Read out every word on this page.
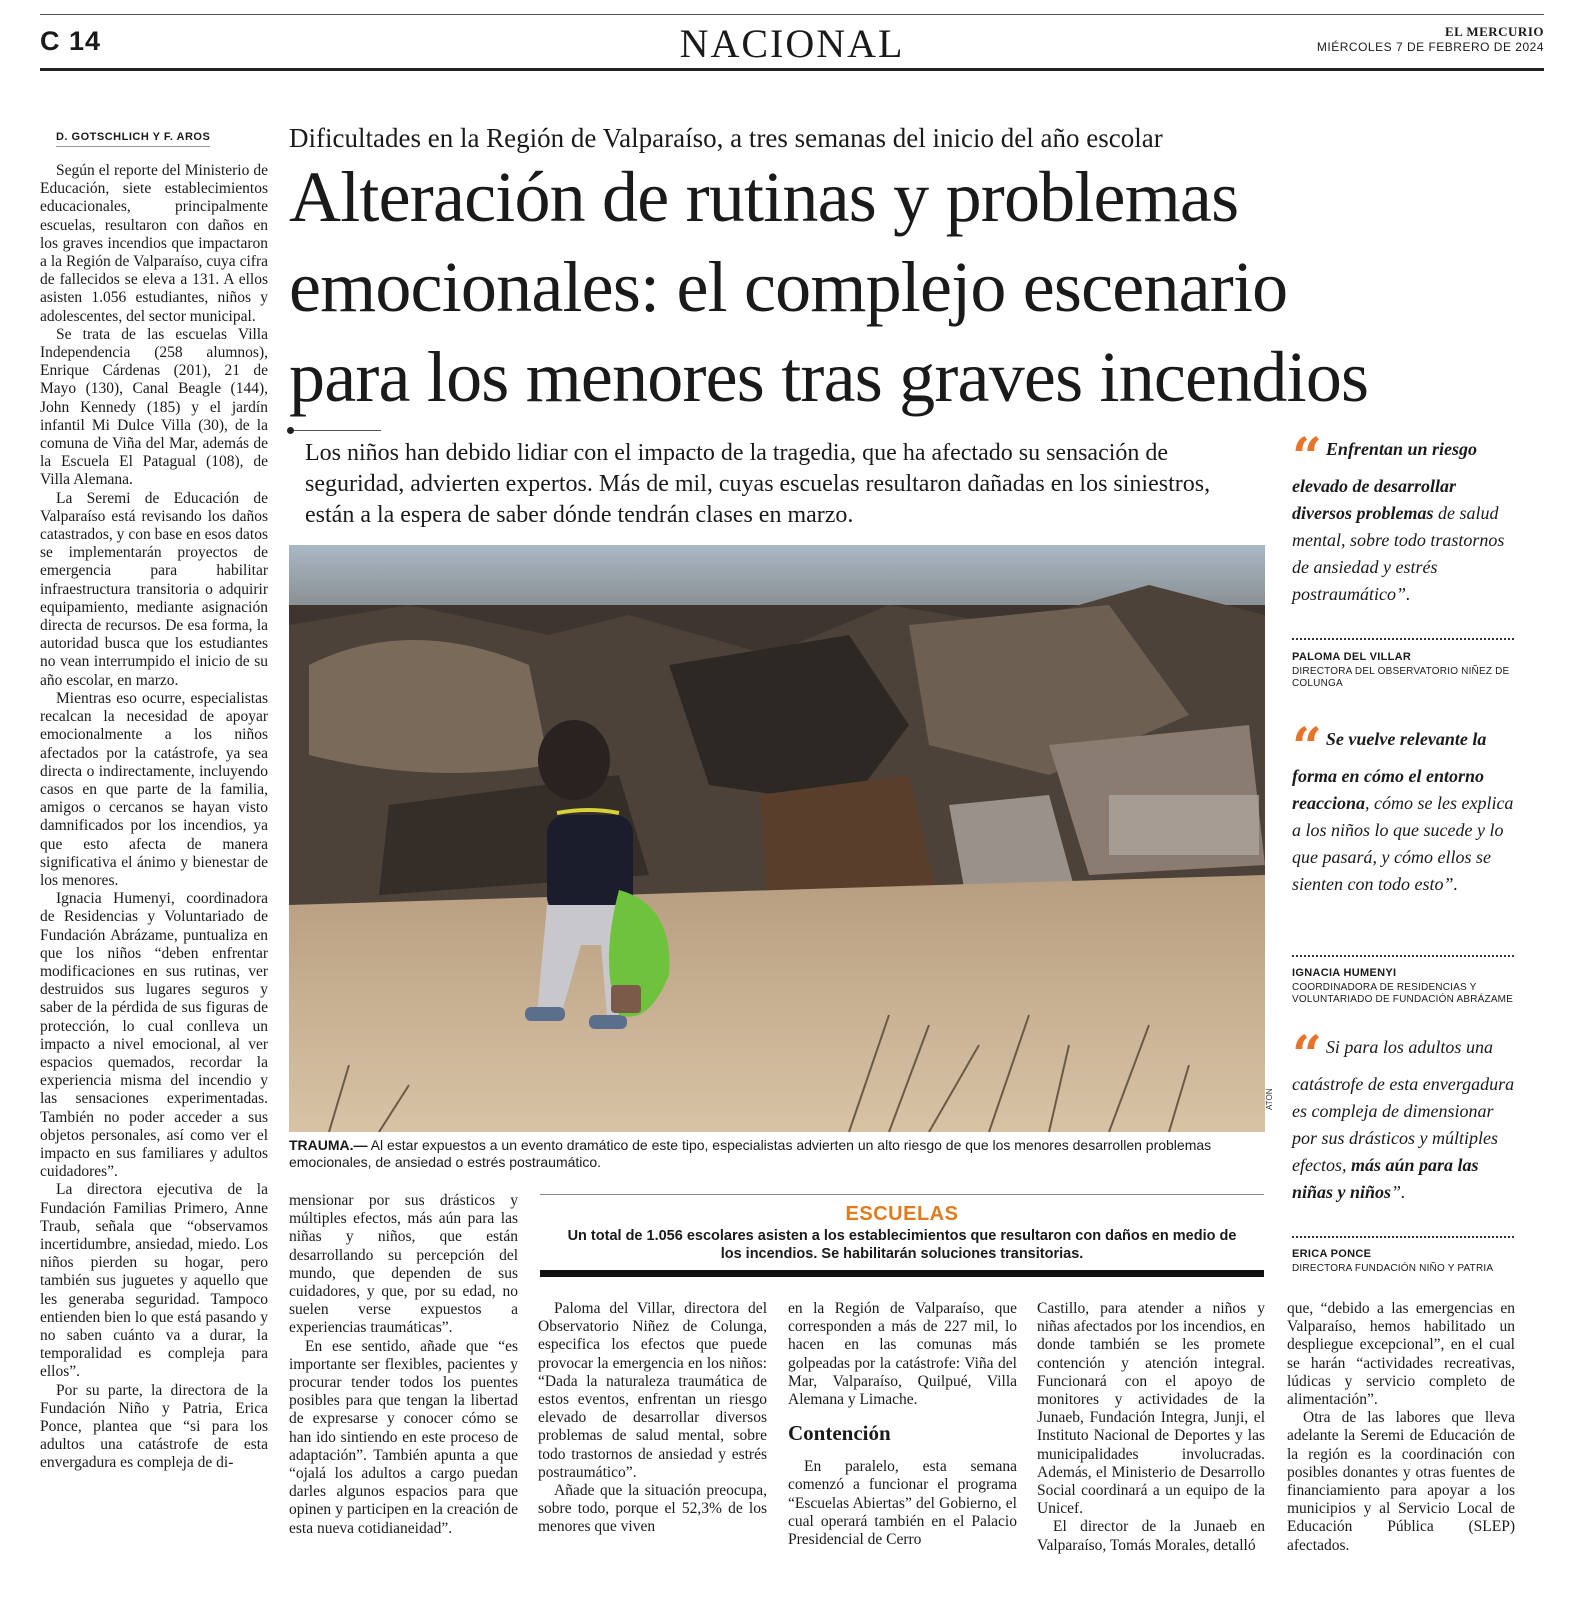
C 14	NACIONAL	EL MERCURIO
MIÉRCOLES 7 DE FEBRERO DE 2024
D. GOTSCHLICH Y F. AROS

Según el reporte del Ministerio de Educación, siete establecimientos educacionales, principalmente escuelas, resultaron con daños en los graves incendios que impactaron a la Región de Valparaíso, cuya cifra de fallecidos se eleva a 131. A ellos asisten 1.056 estudiantes, niños y adolescentes, del sector municipal.

Se trata de las escuelas Villa Independencia (258 alumnos), Enrique Cárdenas (201), 21 de Mayo (130), Canal Beagle (144), John Kennedy (185) y el jardín infantil Mi Dulce Villa (30), de la comuna de Viña del Mar, además de la Escuela El Patagual (108), de Villa Alemana.

La Seremi de Educación de Valparaíso está revisando los daños catastrados, y con base en esos datos se implementarán proyectos de emergencia para habilitar infraestructura transitoria o adquirir equipamiento, mediante asignación directa de recursos. De esa forma, la autoridad busca que los estudiantes no vean interrumpido el inicio de su año escolar, en marzo.

Mientras eso ocurre, especialistas recalcan la necesidad de apoyar emocionalmente a los niños afectados por la catástrofe, ya sea directa o indirectamente, incluyendo casos en que parte de la familia, amigos o cercanos se hayan visto damnificados por los incendios, ya que esto afecta de manera significativa el ánimo y bienestar de los menores.

Ignacia Humenyi, coordinadora de Residencias y Voluntariado de Fundación Abrázame, puntualiza en que los niños “deben enfrentar modificaciones en sus rutinas, ver destruidos sus lugares seguros y saber de la pérdida de sus figuras de protección, lo cual conlleva un impacto a nivel emocional, al ver espacios quemados, recordar la experiencia misma del incendio y las sensaciones experimentadas. También no poder acceder a sus objetos personales, así como ver el impacto en sus familiares y adultos cuidadores”.

La directora ejecutiva de la Fundación Familias Primero, Anne Traub, señala que “observamos incertidumbre, ansiedad, miedo. Los niños pierden su hogar, pero también sus juguetes y aquello que les generaba seguridad. Tampoco entienden bien lo que está pasando y no saben cuánto va a durar, la temporalidad es compleja para ellos”.

Por su parte, la directora de la Fundación Niño y Patria, Erica Ponce, plantea que “si para los adultos una catástrofe de esta envergadura es compleja de di-

Dificultades en la Región de Valparaíso, a tres semanas del inicio del año escolar
Alteración de rutinas y problemas
emocionales: el complejo escenario
para los menores tras graves incendios
Los niños han debido lidiar con el impacto de la tragedia, que ha afectado su sensación de seguridad, advierten expertos. Más de mil, cuyas escuelas resultaron dañadas en los siniestros, están a la espera de saber dónde tendrán clases en marzo.
ATON
TRAUMA.— Al estar expuestos a un evento dramático de este tipo, especialistas advierten un alto riesgo de que los menores desarrollen problemas emocionales, de ansiedad o estrés postraumático.
ESCUELAS
Un total de 1.056 escolares asisten a los establecimientos que resultaron con daños en medio de los incendios. Se habilitarán soluciones transitorias.

mensionar por sus drásticos y múltiples efectos, más aún para las niñas y niños, que están desarrollando su percepción del mundo, que dependen de sus cuidadores, y que, por su edad, no suelen verse expuestos a experiencias traumáticas”.

En ese sentido, añade que “es importante ser flexibles, pacientes y procurar tender todos los puentes posibles para que tengan la libertad de expresarse y conocer cómo se han ido sintiendo en este proceso de adaptación”. También apunta a que “ojalá los adultos a cargo puedan darles algunos espacios para que opinen y participen en la creación de esta nueva cotidianeidad”.

Paloma del Villar, directora del Observatorio Niñez de Colunga, especifica los efectos que puede provocar la emergencia en los niños: “Dada la naturaleza traumática de estos eventos, enfrentan un riesgo elevado de desarrollar diversos problemas de salud mental, sobre todo trastornos de ansiedad y estrés postraumático”.

Añade que la situación preocupa, sobre todo, porque el 52,3% de los menores que viven

en la Región de Valparaíso, que corresponden a más de 227 mil, lo hacen en las comunas más golpeadas por la catástrofe: Viña del Mar, Valparaíso, Quilpué, Villa Alemana y Limache.

Contención

En paralelo, esta semana comenzó a funcionar el programa “Escuelas Abiertas” del Gobierno, el cual operará también en el Palacio Presidencial de Cerro

Castillo, para atender a niños y niñas afectados por los incendios, en donde también se les promete contención y atención integral. Funcionará con el apoyo de monitores y actividades de la Junaeb, Fundación Integra, Junji, el Instituto Nacional de Deportes y las municipalidades involucradas. Además, el Ministerio de Desarrollo Social coordinará a un equipo de la Unicef.

El director de la Junaeb en Valparaíso, Tomás Morales, detalló

que, “debido a las emergencias en Valparaíso, hemos habilitado un despliegue excepcional”, en el cual se harán “actividades recreativas, lúdicas y servicio completo de alimentación”.

Otra de las labores que lleva adelante la Seremi de Educación de la región es la coordinación con posibles donantes y otras fuentes de financiamiento para apoyar a los municipios y al Servicio Local de Educación Pública (SLEP) afectados.

“ Enfrentan un riesgo elevado de desarrollar diversos problemas de salud mental, sobre todo trastornos de ansiedad y estrés postraumático”.
PALOMA DEL VILLAR
DIRECTORA DEL OBSERVATORIO NIÑEZ DE COLUNGA
“ Se vuelve relevante la forma en cómo el entorno reacciona, cómo se les explica a los niños lo que sucede y lo que pasará, y cómo ellos se sienten con todo esto”.
IGNACIA HUMENYI
COORDINADORA DE RESIDENCIAS Y VOLUNTARIADO DE FUNDACIÓN ABRÁZAME
“ Si para los adultos una catástrofe de esta envergadura es compleja de dimensionar por sus drásticos y múltiples efectos, más aún para las niñas y niños”.
ERICA PONCE
DIRECTORA FUNDACIÓN NIÑO Y PATRIA
